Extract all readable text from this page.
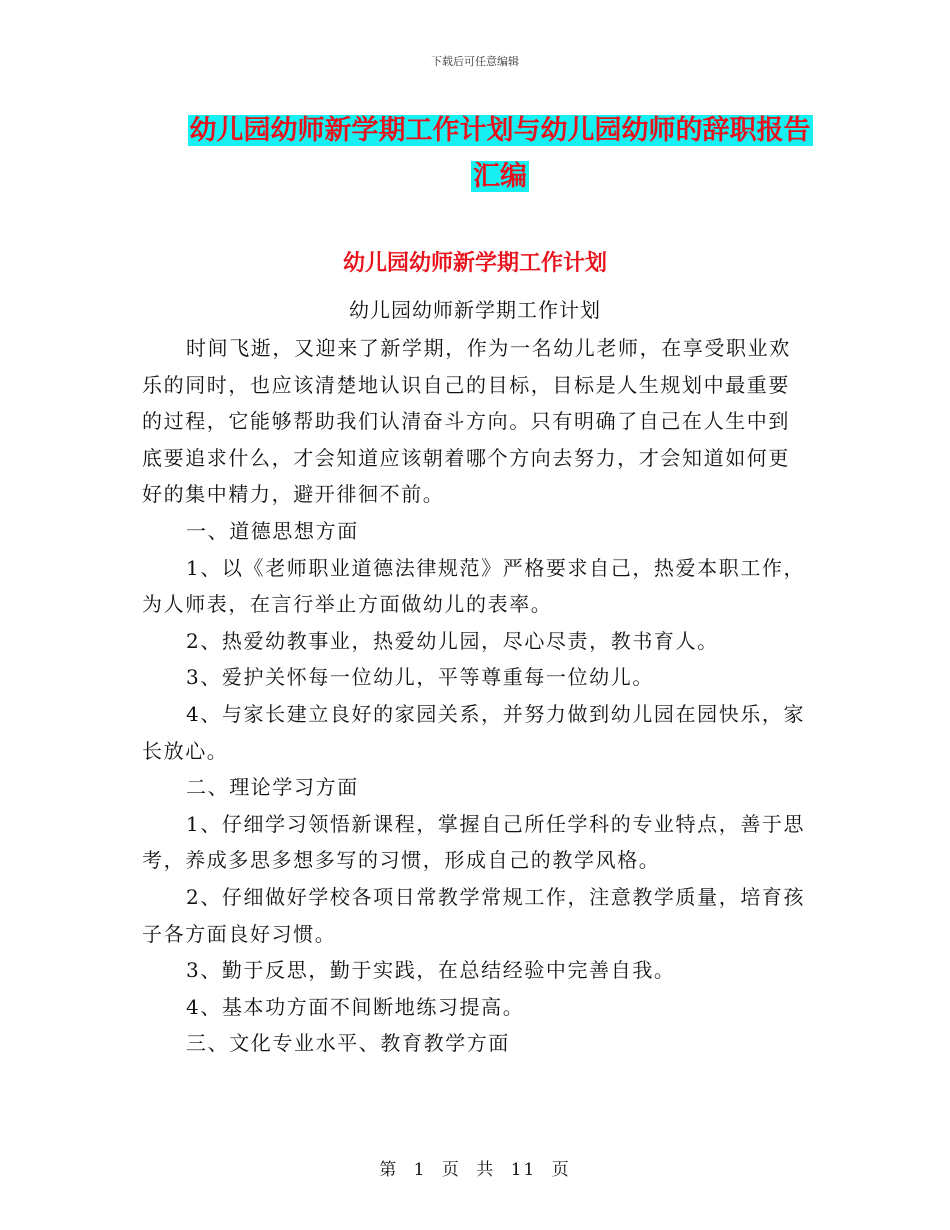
下载后可任意编辑
幼儿园幼师新学期工作计划与幼儿园幼师的辞职报告
汇编
幼儿园幼师新学期工作计划
幼儿园幼师新学期工作计划

时间飞逝，又迎来了新学期，作为一名幼儿老师，在享受职业欢乐的同时，也应该清楚地认识自己的目标，目标是人生规划中最重要的过程，它能够帮助我们认清奋斗方向。只有明确了自己在人生中到底要追求什么，才会知道应该朝着哪个方向去努力，才会知道如何更好的集中精力，避开徘徊不前。

一、道德思想方面

1、以《老师职业道德法律规范》严格要求自己，热爱本职工作，为人师表，在言行举止方面做幼儿的表率。

2、热爱幼教事业，热爱幼儿园，尽心尽责，教书育人。

3、爱护关怀每一位幼儿，平等尊重每一位幼儿。

4、与家长建立良好的家园关系，并努力做到幼儿园在园快乐，家长放心。

二、理论学习方面

1、仔细学习领悟新课程，掌握自己所任学科的专业特点，善于思考，养成多思多想多写的习惯，形成自己的教学风格。

2、仔细做好学校各项日常教学常规工作，注意教学质量，培育孩子各方面良好习惯。

3、勤于反思，勤于实践，在总结经验中完善自我。

4、基本功方面不间断地练习提高。

三、文化专业水平、教育教学方面

第 1 页 共 11 页
